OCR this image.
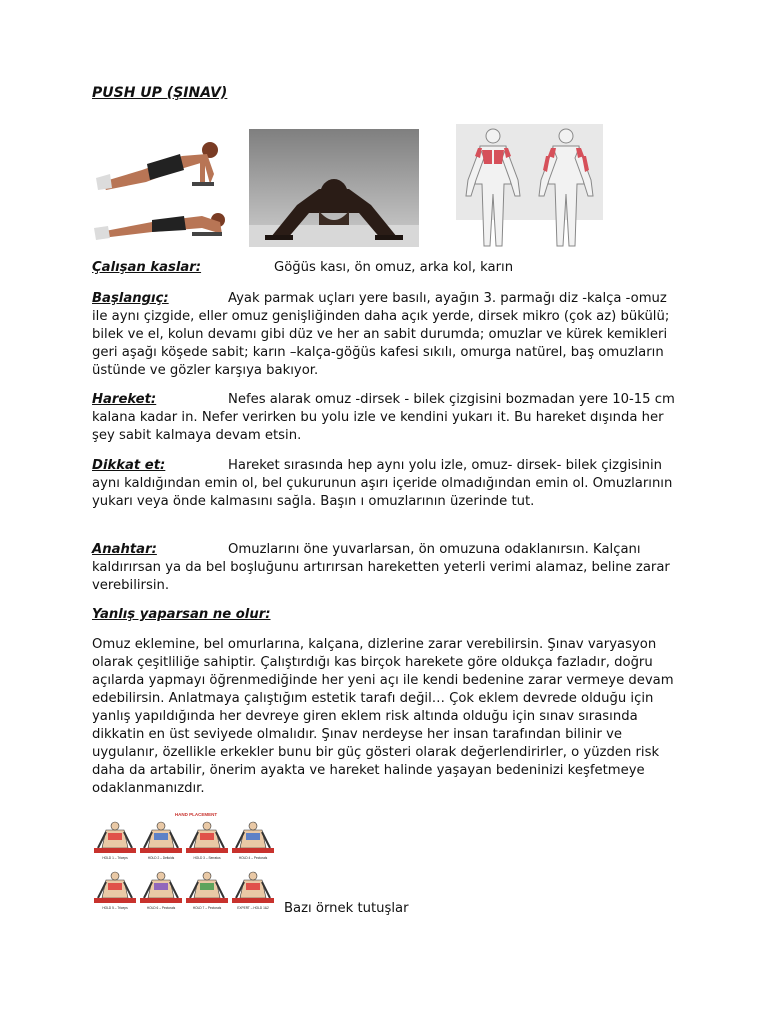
PUSH UP (ŞINAV)

Çalışan kaslar:	Göğüs kası, ön omuz, arka kol, karın

Başlangıç:	Ayak parmak uçları yere basılı, ayağın 3. parmağı diz -kalça -omuz ile aynı çizgide, eller omuz genişliğinden daha açık yerde, dirsek mikro (çok az) bükülü; bilek ve el, kolun devamı gibi düz ve her an sabit durumda; omuzlar ve kürek kemikleri geri aşağı köşede sabit; karın –kalça-göğüs kafesi sıkılı, omurga natürel, baş omuzların üstünde ve gözler karşıya bakıyor.

Hareket:	Nefes alarak omuz -dirsek - bilek çizgisini bozmadan yere 10-15 cm kalana kadar in. Nefer verirken bu yolu izle ve kendini yukarı it. Bu hareket dışında her şey sabit kalmaya devam etsin.

Dikkat et:	Hareket sırasında hep aynı yolu izle, omuz- dirsek- bilek çizgisinin aynı kaldığından emin ol, bel çukurunun aşırı içeride olmadığından emin ol. Omuzlarının yukarı veya önde kalmasını sağla. Başın ı omuzlarının üzerinde tut.

Anahtar:	Omuzlarını öne yuvarlarsan, ön omuzuna odaklanırsın. Kalçanı kaldırırsan ya da bel boşluğunu artırırsan hareketten yeterli verimi alamaz, beline zarar verebilirsin.

Yanlış yaparsan ne olur:

Omuz eklemine, bel omurlarına, kalçana, dizlerine zarar verebilirsin. Şınav varyasyon olarak çeşitliliğe sahiptir. Çalıştırdığı kas birçok harekete göre oldukça fazladır, doğru açılarda yapmayı öğrenmediğinde her yeni açı ile kendi bedenine zarar vermeye devam edebilirsin. Anlatmaya çalıştığım estetik tarafı değil… Çok eklem devrede olduğu için yanlış yapıldığında her devreye giren eklem risk altında olduğu için sınav sırasında dikkatin en üst seviyede olmalıdır. Şınav nerdeyse her insan tarafından bilinir ve uygulanır, özellikle erkekler bunu bir güç gösteri olarak değerlendirirler, o yüzden risk daha da artabilir, önerim ayakta ve hareket halinde yaşayan bedeninizi keşfetmeye odaklanmanızdır.

HAND PLACEMENT
HOLD 1 – Triceps	HOLD 2 – Deltoids	HOLD 3 – Serratus	HOLD 4 – Pectorals
HOLD 5 – Triceps	HOLD 6 – Pectorals	HOLD 7 – Pectorals	EXPERT – HOLD 1&2 Bazı örnek tutuşlar
